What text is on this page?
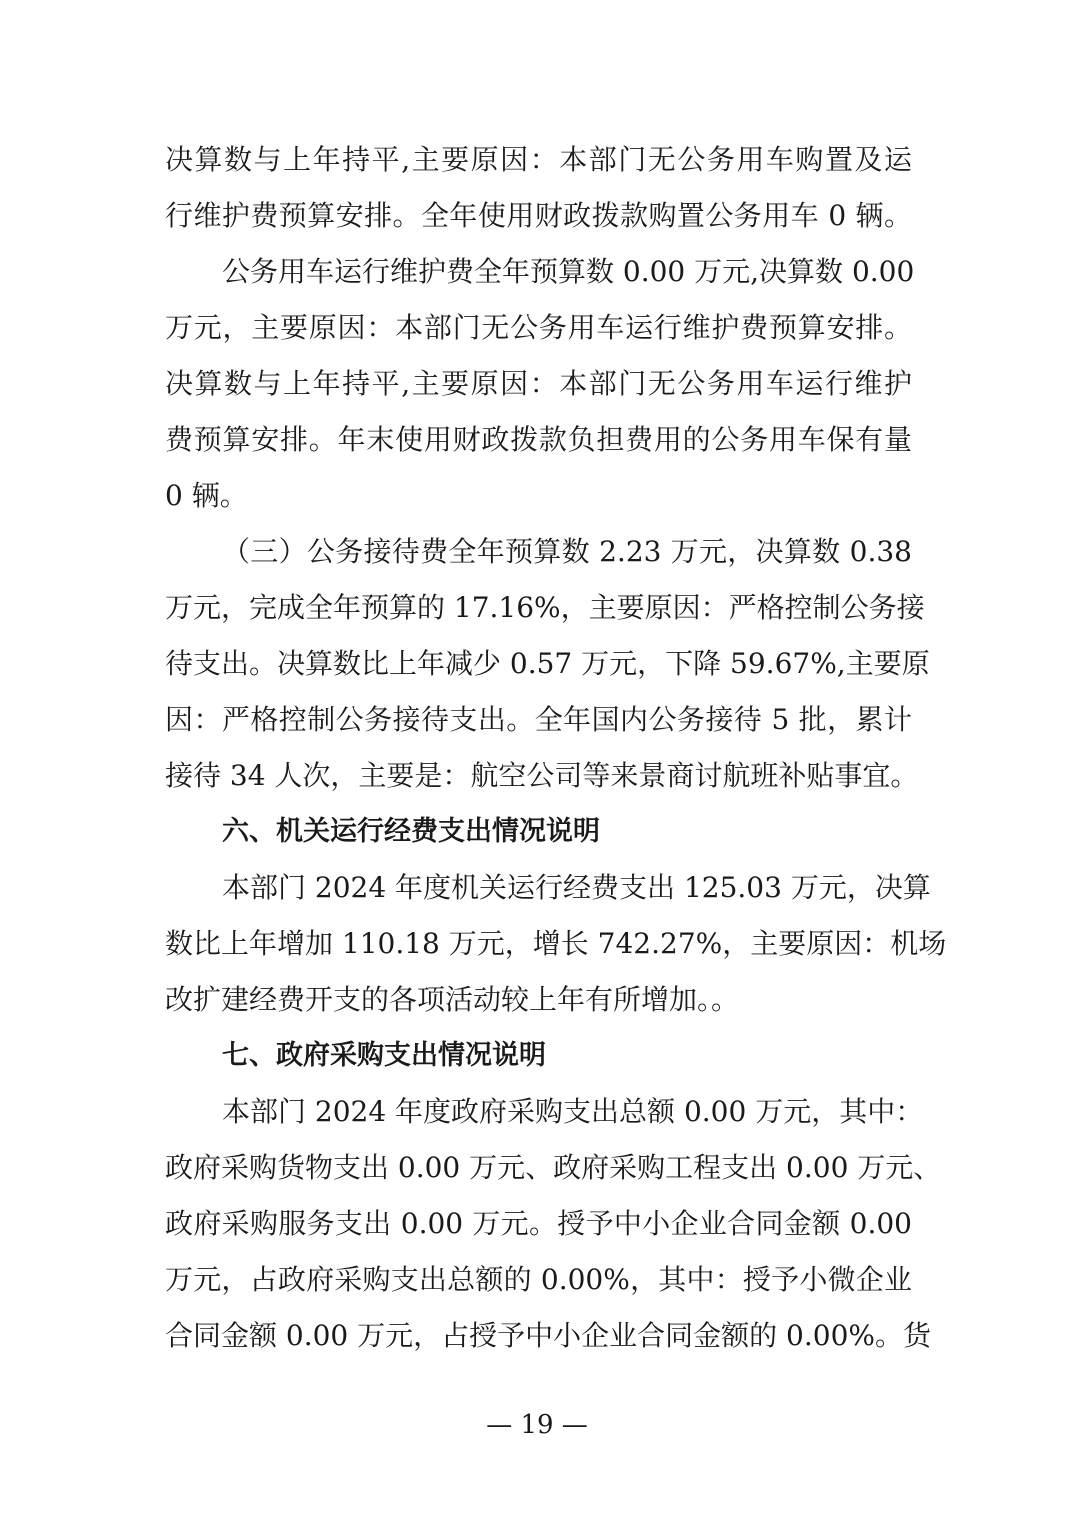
决算数与上年持平,主要原因：本部门无公务用车购置及运
行维护费预算安排。全年使用财政拨款购置公务用车 0 辆。
公务用车运行维护费全年预算数 0.00 万元,决算数 0.00
万元，主要原因：本部门无公务用车运行维护费预算安排。
决算数与上年持平,主要原因：本部门无公务用车运行维护
费预算安排。年末使用财政拨款负担费用的公务用车保有量
0 辆。
（三）公务接待费全年预算数 2.23 万元，决算数 0.38
万元，完成全年预算的 17.16%，主要原因：严格控制公务接
待支出。决算数比上年减少 0.57 万元，下降 59.67%,主要原
因：严格控制公务接待支出。全年国内公务接待 5 批，累计
接待 34 人次，主要是：航空公司等来景商讨航班补贴事宜。
六、机关运行经费支出情况说明
本部门 2024 年度机关运行经费支出 125.03 万元，决算
数比上年增加 110.18 万元，增长 742.27%，主要原因：机场
改扩建经费开支的各项活动较上年有所增加。。
七、政府采购支出情况说明
本部门 2024 年度政府采购支出总额 0.00 万元，其中：
政府采购货物支出 0.00 万元、政府采购工程支出 0.00 万元、
政府采购服务支出 0.00 万元。授予中小企业合同金额 0.00
万元，占政府采购支出总额的 0.00%，其中：授予小微企业
合同金额 0.00 万元，占授予中小企业合同金额的 0.00%。货
— 19 —
